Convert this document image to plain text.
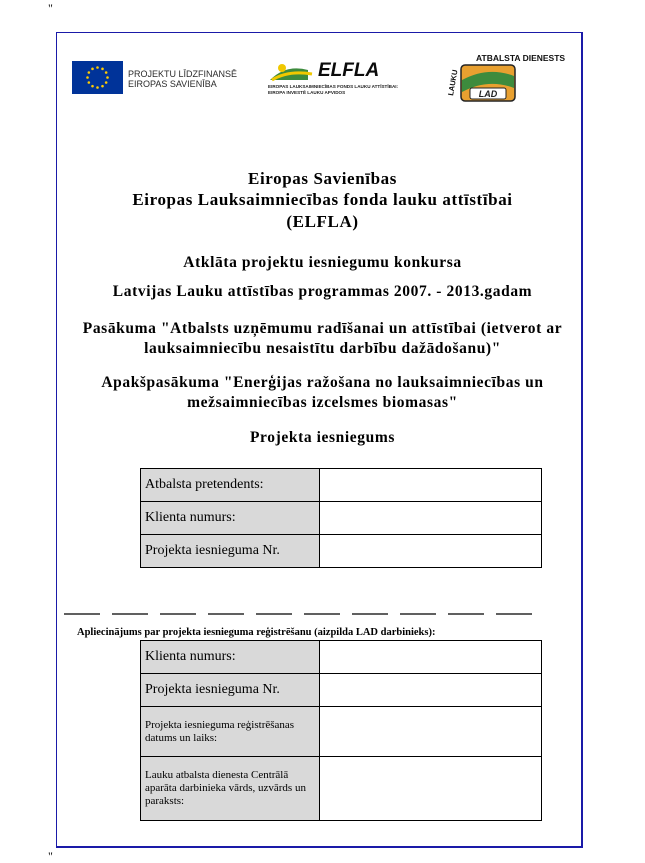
"
"
PROJEKTU LĪDZFINANSĒ
EIROPAS SAVIENĪBA
ELFLA
EIROPAS LAUKSAIMNIECĪBAS FONDS LAUKU ATTĪSTĪBAI:
EIROPA INVESTĒ LAUKU APVIDOS	LAUKU
ATBALSTA DIENESTS
LAD
Eiropas Savienības
Eiropas Lauksaimniecības fonda lauku attīstībai
(ELFLA)
Atklāta projektu iesniegumu konkursa
Latvijas Lauku attīstības programmas 2007. - 2013.gadam
Pasākuma "Atbalsts uzņēmumu radīšanai un attīstībai (ietverot ar
lauksaimniecību nesaistītu darbību dažādošanu)"
Apakšpasākuma "Enerģijas ražošana no lauksaimniecības un
mežsaimniecības izcelsmes biomasas"
Projekta iesniegums
Atbalsta pretendents:	
Klienta numurs:	
Projekta iesnieguma Nr.	
Apliecinājums par projekta iesnieguma reģistrēšanu (aizpilda LAD darbinieks):
Klienta numurs:	
Projekta iesnieguma Nr.	
Projekta iesnieguma reģistrēšanas datums un laiks:	
Lauku atbalsta dienesta Centrālā aparāta darbinieka vārds, uzvārds un paraksts:	
